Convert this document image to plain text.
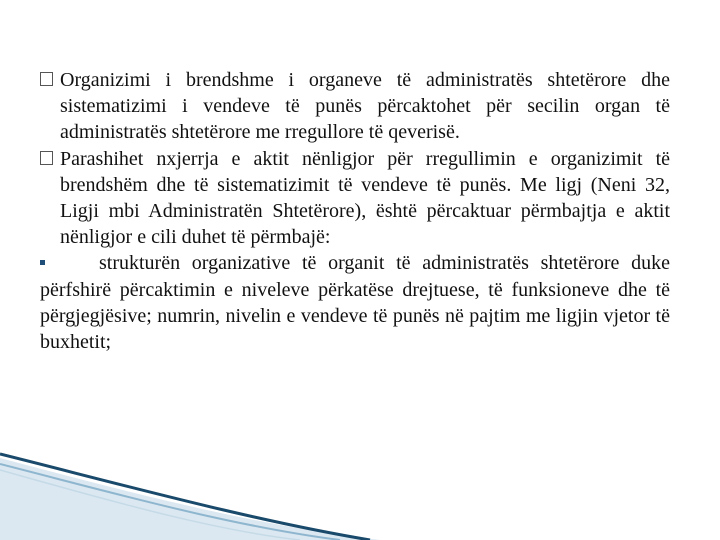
Organizimi i brendshme i organeve të administratës shtetërore dhe sistematizimi i vendeve të punës përcaktohet për secilin organ të administratës shtetërore me rregullore të qeverisë.

Parashihet nxjerrja e aktit nënligjor për rregullimin e organizimit të brendshëm dhe të sistematizimit të vendeve të punës. Me ligj (Neni 32, Ligji mbi Administratën Shtetërore), është përcaktuar përmbajtja e aktit nënligjor e cili duhet të përmbajë:

strukturën organizative të organit të administratës shtetërore duke përfshirë përcaktimin e niveleve përkatëse drejtuese, të funksioneve dhe të përgjegjësive; numrin, nivelin e vendeve të punës në pajtim me ligjin vjetor të buxhetit;
